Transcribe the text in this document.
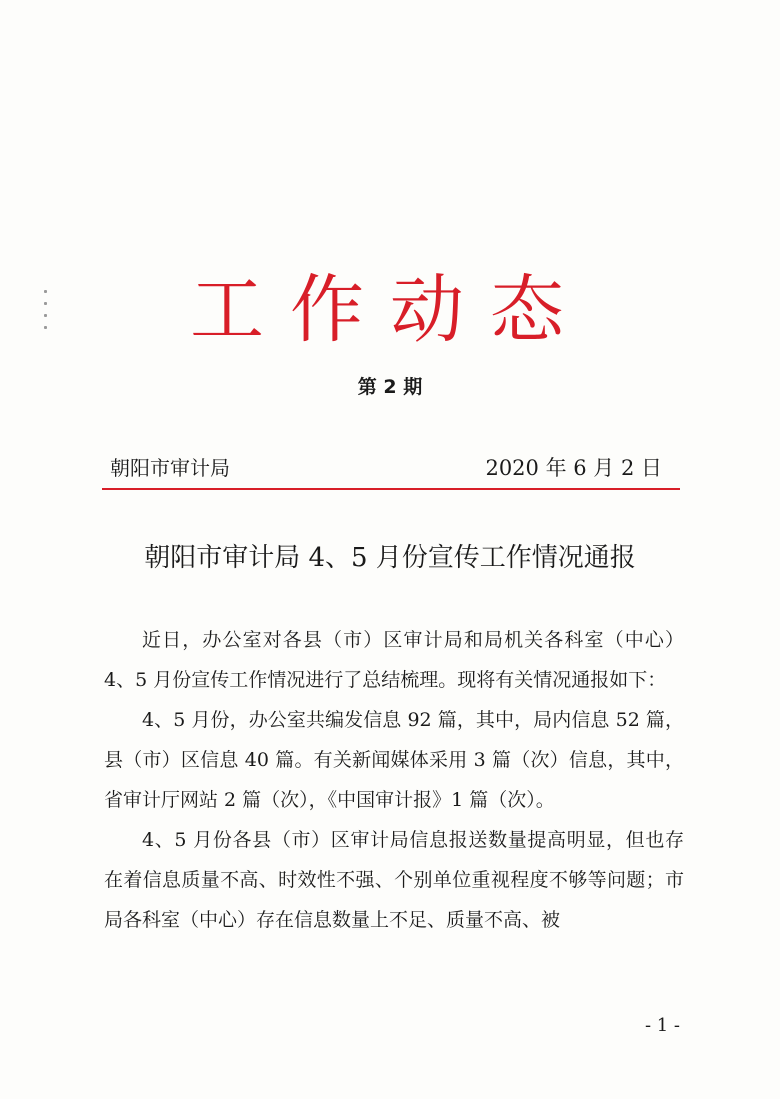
工作动态
第 2 期
朝阳市审计局	2020 年 6 月 2 日
朝阳市审计局 4、5 月份宣传工作情况通报

近日，办公室对各县（市）区审计局和局机关各科室（中心）4、5 月份宣传工作情况进行了总结梳理。现将有关情况通报如下：

4、5 月份，办公室共编发信息 92 篇，其中，局内信息 52 篇，县（市）区信息 40 篇。有关新闻媒体采用 3 篇（次）信息，其中，省审计厅网站 2 篇（次），《中国审计报》1 篇（次）。

4、5 月份各县（市）区审计局信息报送数量提高明显，但也存在着信息质量不高、时效性不强、个别单位重视程度不够等问题；市局各科室（中心）存在信息数量上不足、质量不高、被

- 1 -
